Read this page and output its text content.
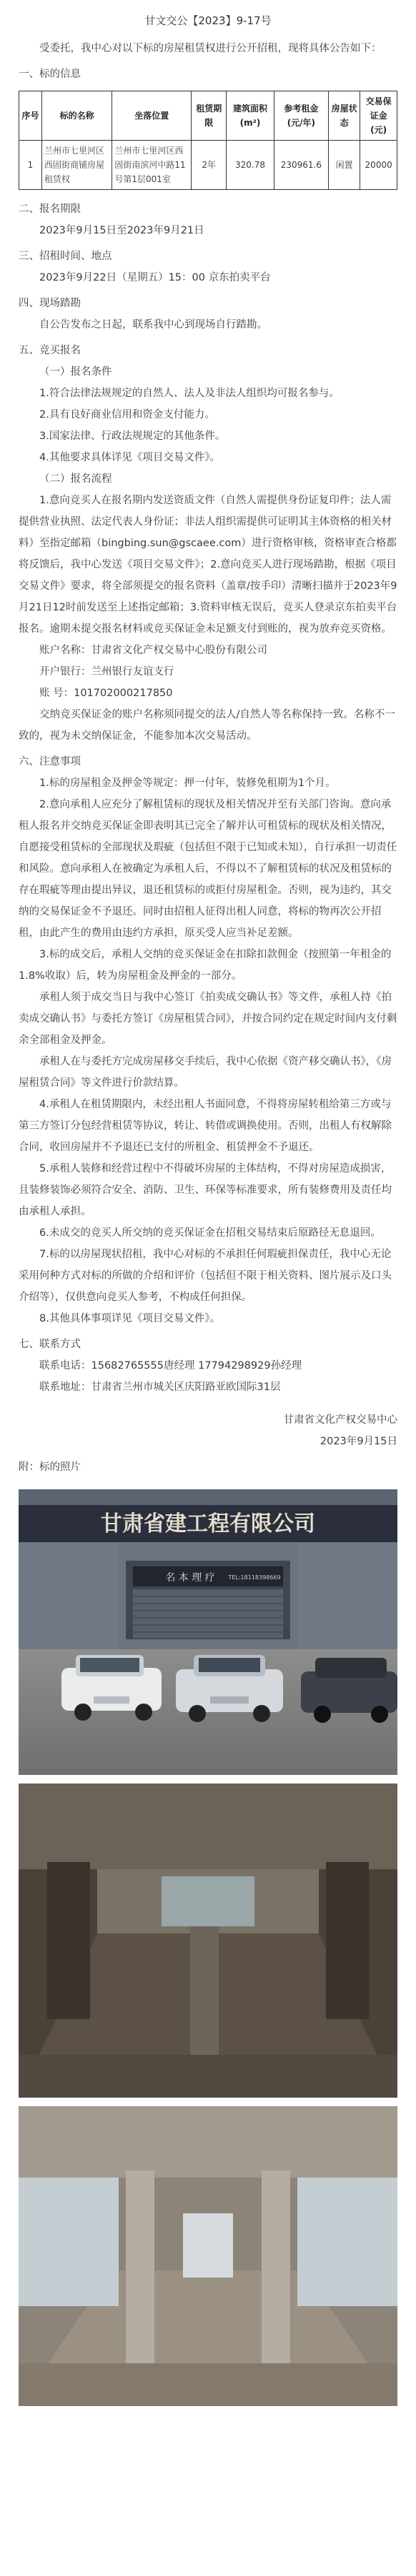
甘文交公【2023】9-17号

受委托，我中心对以下标的房屋租赁权进行公开招租，现将具体公告如下：

一、标的信息

序号	标的名称	坐落位置	租赁期限	建筑面积(m²)	参考租金(元/年)	房屋状态	交易保证金(元)
1	兰州市七里河区西固街商铺房屋租赁权	兰州市七里河区西固街南滨河中路11号第1层001室	2年	320.78	230961.6	闲置	20000

二、报名期限

2023年9月15日至2023年9月21日

三、招租时间、地点

2023年9月22日（星期五）15：00 京东拍卖平台

四、现场踏勘

自公告发布之日起，联系我中心到现场自行踏勘。

五、竞买报名

（一）报名条件

1.符合法律法规规定的自然人、法人及非法人组织均可报名参与。

2.具有良好商业信用和资金支付能力。

3.国家法律、行政法规规定的其他条件。

4.其他要求具体详见《项目交易文件》。

（二）报名流程

1.意向竞买人在报名期内发送资质文件（自然人需提供身份证复印件；法人需提供营业执照、法定代表人身份证；非法人组织需提供可证明其主体资格的相关材料）至指定邮箱（bingbing.sun@gscaee.com）进行资格审核，资格审查合格都将反馈后，我中心发送《项目交易文件》；2.意向竞买人进行现场踏勘，根据《项目交易文件》要求，将全部须提交的报名资料（盖章/按手印）清晰扫描并于2023年9月21日12时前发送至上述指定邮箱；3.资料审核无误后，竞买人登录京东拍卖平台报名。逾期未提交报名材料或竞买保证金未足额支付到账的，视为放弃竞买资格。

账户名称：甘肃省文化产权交易中心股份有限公司

开户银行：兰州银行友谊支行

账 号：101702000217850

交纳竞买保证金的账户名称须同提交的法人/自然人等名称保持一致。名称不一致的，视为未交纳保证金，不能参加本次交易活动。

六、注意事项

1.标的房屋租金及押金等规定：押一付年，装修免租期为1个月。

2.意向承租人应充分了解租赁标的现状及相关情况并至有关部门咨询。意向承租人报名并交纳竞买保证金即表明其已完全了解并认可租赁标的现状及相关情况，自愿接受租赁标的全部现状及瑕疵（包括但不限于已知或未知），自行承担一切责任和风险。意向承租人在被确定为承租人后，不得以不了解租赁标的状况及租赁标的存在瑕疵等理由提出异议，退还租赁标的或拒付房屋租金。否则，视为违约，其交纳的交易保证金不予退还。同时由招租人征得出租人同意，将标的物再次公开招租，由此产生的费用由违约方承担，原买受人应当补足差额。

3.标的成交后，承租人交纳的竞买保证金在扣除扣款佣金（按照第一年租金的1.8%收取）后，转为房屋租金及押金的一部分。

承租人须于成交当日与我中心签订《拍卖成交确认书》等文件，承租人持《拍卖成交确认书》与委托方签订《房屋租赁合同》，并按合同约定在规定时间内支付剩余全部租金及押金。

承租人在与委托方完成房屋移交手续后，我中心依据《资产移交确认书》，《房屋租赁合同》等文件进行价款结算。

4.承租人在租赁期限内，未经出租人书面同意，不得将房屋转租给第三方或与第三方签订分包经营租赁等协议，转让、转借或调换使用。否则，出租人有权解除合同，收回房屋并不予退还已支付的所租金、租赁押金不予退还。

5.承租人装修和经营过程中不得破坏房屋的主体结构，不得对房屋造成损害，且装修装饰必须符合安全、消防、卫生、环保等标准要求，所有装修费用及责任均由承租人承担。

6.未成交的竞买人所交纳的竞买保证金在招租交易结束后原路径无息退回。

7.标的以房屋现状招租，我中心对标的不承担任何瑕疵担保责任，我中心无论采用何种方式对标的所做的介绍和评价（包括但不限于相关资料、图片展示及口头介绍等），仅供意向竞买人参考，不构成任何担保。

8.其他具体事项详见《项目交易文件》。

七、联系方式

联系电话：15682765555唐经理 17794298929孙经理

联系地址：甘肃省兰州市城关区庆阳路亚欧国际31层

甘肃省文化产权交易中心

2023年9月15日

附：标的照片

甘肃省建工程有限公司
名 本 理 疗 TEL:18118398669
